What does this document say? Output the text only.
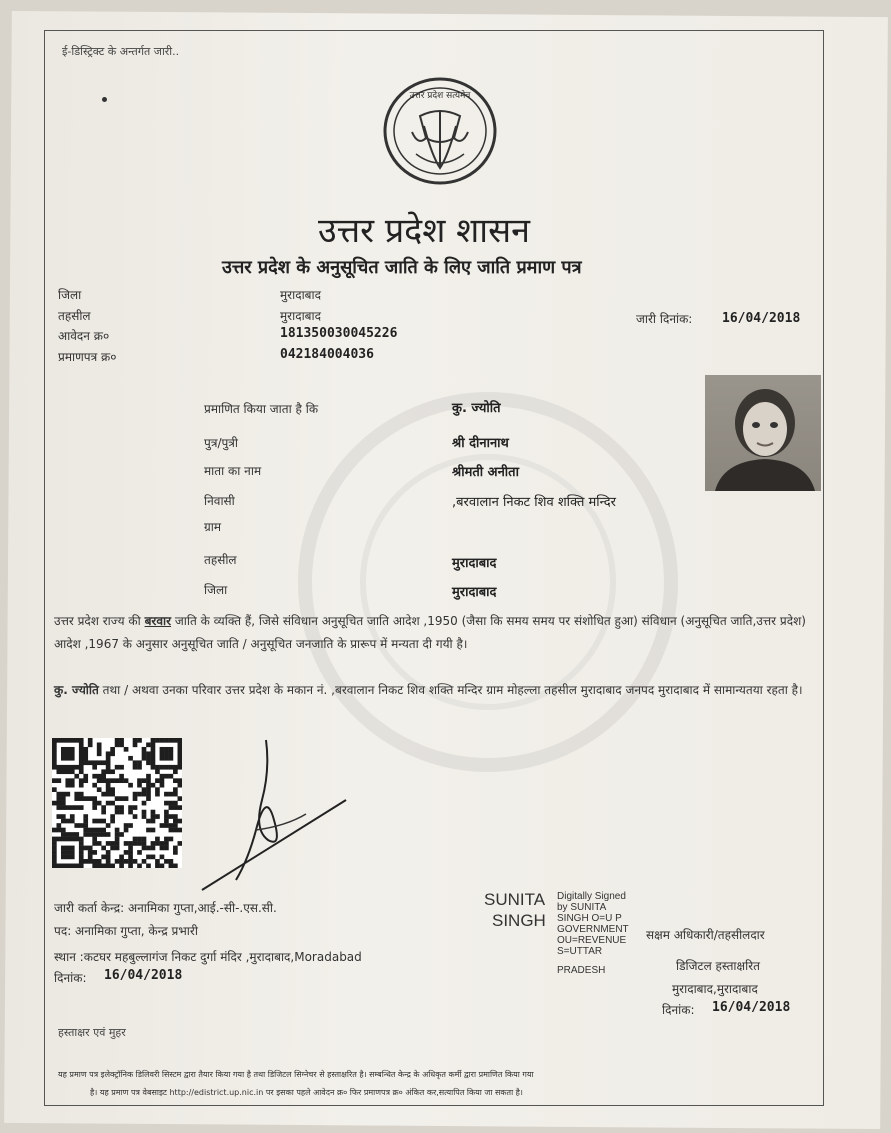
ई-डिस्ट्रिक्ट के अन्तर्गत जारी..
उत्तर प्रदेश सत्यमेव
उत्तर प्रदेश शासन
उत्तर प्रदेश के अनुसूचित जाति के लिए जाति प्रमाण पत्र
जिला	मुरादाबाद
तहसील	मुरादाबाद
आवेदन क्र०	181350030045226
प्रमाणपत्र क्र०	042184004036
जारी दिनांक: 16/04/2018
प्रमाणित किया जाता है कि	कु. ज्योति
पुत्र/पुत्री	श्री दीनानाथ
माता का नाम	श्रीमती अनीता
निवासी	,बरवालान निकट शिव शक्ति मन्दिर
ग्राम
तहसील	मुरादाबाद
जिला	मुरादाबाद
उत्तर प्रदेश राज्य की बरवार जाति के व्यक्ति हैं, जिसे संविधान अनुसूचित जाति आदेश ,1950 (जैसा कि समय समय पर संशोधित हुआ) संविधान (अनुसूचित जाति,उत्तर प्रदेश) आदेश ,1967 के अनुसार अनुसूचित जाति / अनुसूचित जनजाति के प्रारूप में मन्यता दी गयी है।
कु. ज्योति तथा / अथवा उनका परिवार उत्तर प्रदेश के मकान नं. ,बरवालान निकट शिव शक्ति मन्दिर ग्राम मोहल्ला तहसील मुरादाबाद जनपद मुरादाबाद में सामान्यतया रहता है।
जारी कर्ता केन्द्र: अनामिका गुप्ता,आई.-सी-.एस.सी.
पद: अनामिका गुप्ता, केन्द्र प्रभारी
स्थान :कटघर महबुल्लागंज निकट दुर्गा मंदिर ,मुरादाबाद,Moradabad
दिनांक: 16/04/2018
SUNITA
SINGH
Digitally Signed
by SUNITA
SINGH O=U P
GOVERNMENT
OU=REVENUE
S=UTTAR
PRADESH
सक्षम अधिकारी/तहसीलदार
डिजिटल हस्ताक्षरित
मुरादाबाद,मुरादाबाद
दिनांक: 16/04/2018
हस्ताक्षर एवं मुहर
यह प्रमाण पत्र इलेक्ट्रॉनिक डिलिवरी सिस्टम द्वारा तैयार किया गया है तथा डिजिटल सिग्नेचर से हस्ताक्षरित है। सम्बन्धित केन्द्र के अधिकृत कर्मी द्वारा प्रमाणित किया गया
है। यह प्रमाण पत्र वेबसाइट http://edistrict.up.nic.in पर इसका पहले आवेदन क्र० फिर प्रमाणपत्र क्र० अंकित कर,सत्यापित किया जा सकता है।
